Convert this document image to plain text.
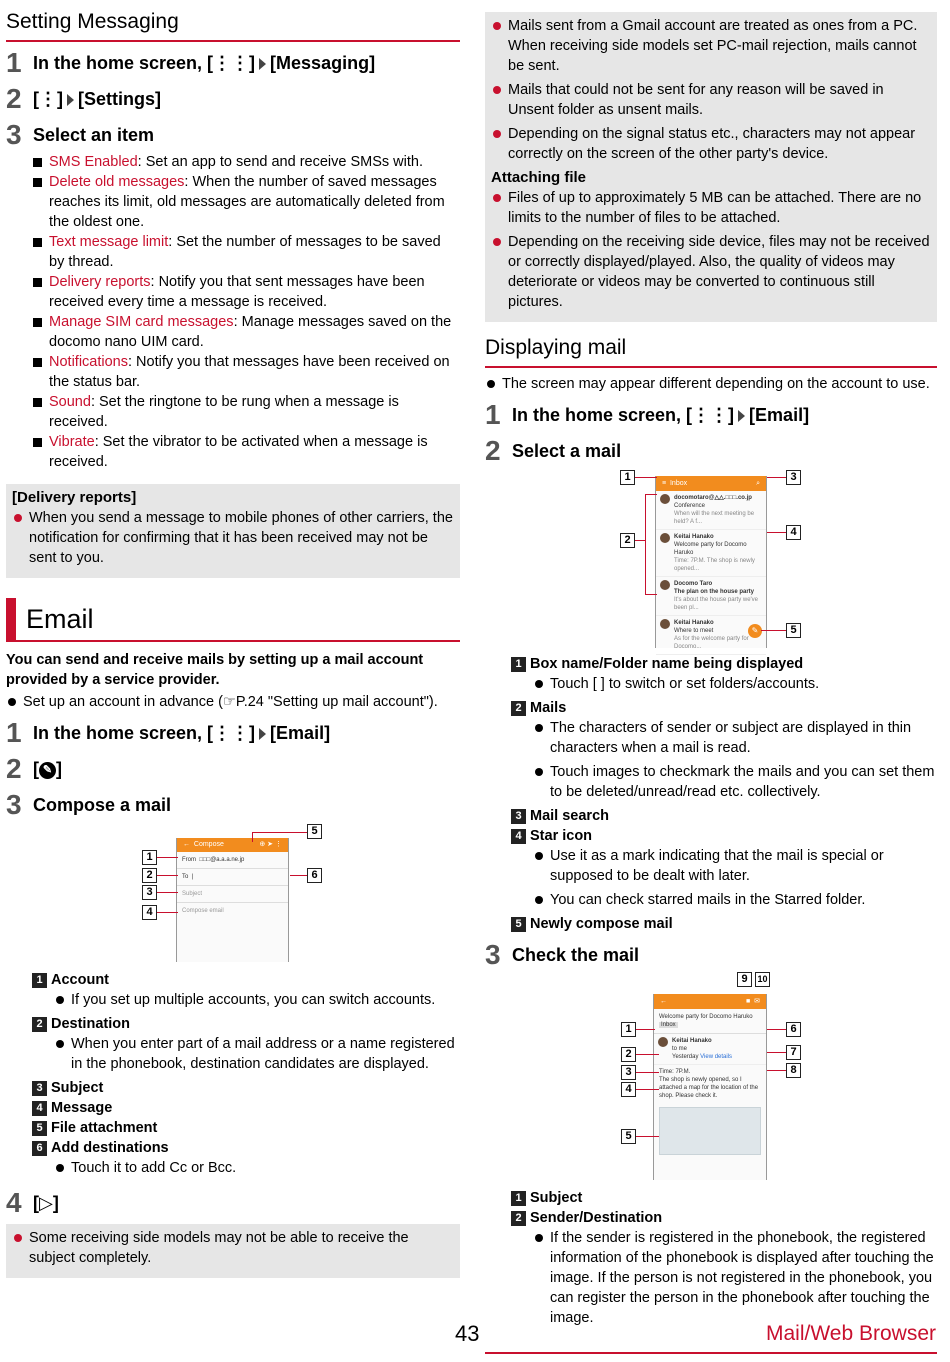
Setting Messaging
1 In the home screen, [⋮⋮] [Messaging]
2 [⋮] [Settings]
3 Select an item
SMS Enabled: Set an app to send and receive SMSs with.
Delete old messages: When the number of saved messages reaches its limit, old messages are automatically deleted from the oldest one.
Text message limit: Set the number of messages to be saved by thread.
Delivery reports: Notify you that sent messages have been received every time a message is received.
Manage SIM card messages: Manage messages saved on the docomo nano UIM card.
Notifications: Notify you that messages have been received on the status bar.
Sound: Set the ringtone to be rung when a message is received.
Vibrate: Set the vibrator to be activated when a message is received.
[Delivery reports]
When you send a message to mobile phones of other carriers, the notification for confirming that it has been received may not be sent to you.
Email
You can send and receive mails by setting up a mail account provided by a service provider.
Set up an account in advance (☞P.24 "Setting up mail account").
1 In the home screen, [⋮⋮] [Email]
2 [ ✎ ]
3 Compose a mail
←
Compose	⊕
➤
⋮
From □□□@a.a.a.ne.jp
To  |
Subject
Compose email
1
2
3
4
5
6
1 Account
If you set up multiple accounts, you can switch accounts.
2 Destination
When you enter part of a mail address or a name registered in the phonebook, destination candidates are displayed.
3 Subject
4 Message
5 File attachment
6 Add destinations
Touch it to add Cc or Bcc.
4 [▷]
Some receiving side models may not be able to receive the subject completely.
Mails sent from a Gmail account are treated as ones from a PC. When receiving side models set PC-mail rejection, mails cannot be sent.
Mails that could not be sent for any reason will be saved in Unsent folder as unsent mails.
Depending on the signal status etc., characters may not appear correctly on the screen of the other party's device.
Attaching file
Files of up to approximately 5 MB can be attached. There are no limits to the number of files to be attached.
Depending on the receiving side device, files may not be received or correctly displayed/played. Also, the quality of videos may deteriorate or videos may be converted to continuous still pictures.
Displaying mail
The screen may appear different depending on the account to use.
1 In the home screen, [⋮⋮] [Email]
2 Select a mail
≡
Inbox	⌕
docomotaro@△△.□□□.co.jp
Conference
When will the next meeting be held? A f...
Keitai Hanako
Welcome party for Docomo Haruko
Time: 7P.M. The shop is newly opened...
Docomo Taro
The plan on the house party
It's about the house party we've been pl...
Keitai Hanako
Where to meet
As for the welcome party for Docomo...
✎
1
2
3
4
5
1 Box name/Folder name being displayed
Touch [ ] to switch or set folders/accounts.
2 Mails
The characters of sender or subject are displayed in thin characters when a mail is read.
Touch images to checkmark the mails and you can set them to be deleted/unread/read etc. collectively.
3 Mail search
4 Star icon
Use it as a mark indicating that the mail is special or supposed to be dealt with later.
You can check starred mails in the Starred folder.
5 Newly compose mail
3 Check the mail
←	■
✉
Welcome party for Docomo Haruko Inbox
Keitai Hanako
to me
Yesterday View details
Time: 7P.M.
The shop is newly opened, so I attached a map for the location of the shop. Please check it.
1
2
3
4
5
6
7
8
9	10
1 Subject
2 Sender/Destination
If the sender is registered in the phonebook, the registered information of the phonebook is displayed after touching the image. If the person is not registered in the phonebook, you can register the person in the phonebook after touching the image.
43	Mail/Web Browser
